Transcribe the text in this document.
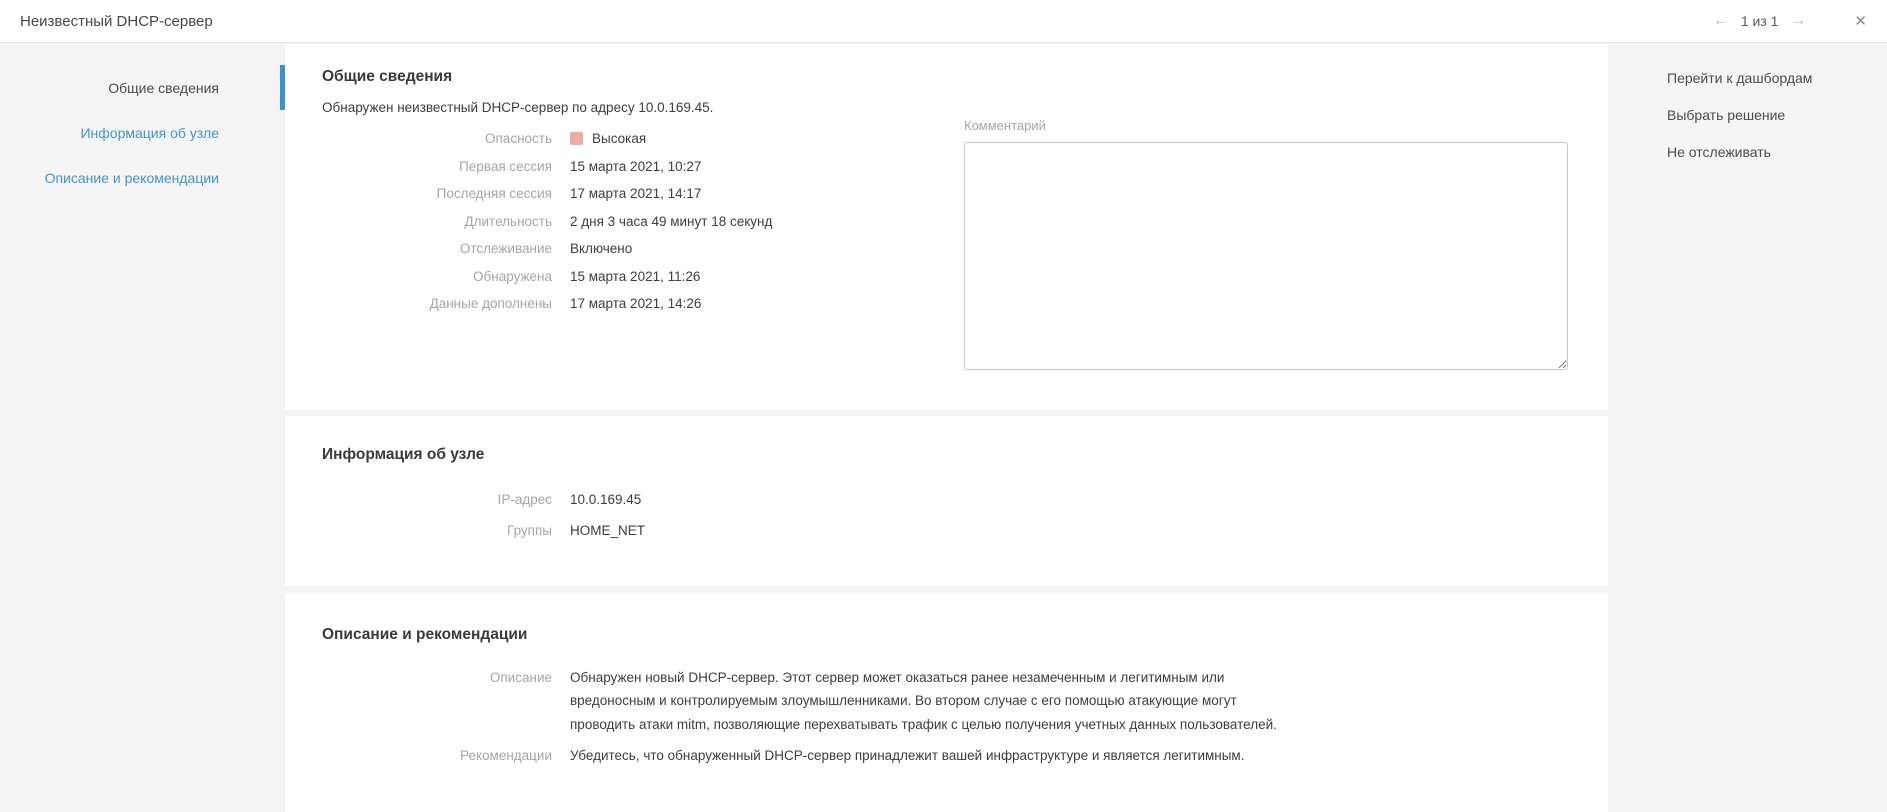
Неизвестный DHCP-сервер	← 1 из 1 →	✕
Общие сведения
Информация об узле
Описание и рекомендации
Общие сведения
Обнаружен неизвестный DHCP-сервер по адресу 10.0.169.45.
Опасность	Высокая
Первая сессия 15 марта 2021, 10:27
Последняя сессия 17 марта 2021, 14:17
Длительность 2 дня 3 часа 49 минут 18 секунд
Отслеживание Включено
Обнаружена 15 марта 2021, 11:26
Данные дополнены 17 марта 2021, 14:26
Комментарий
Информация об узле
IP-адрес 10.0.169.45
Группы HOME_NET
Описание и рекомендации
Описание Обнаружен новый DHCP-сервер. Этот сервер может оказаться ранее незамеченным и легитимным или вредоносным и контролируемым злоумышленниками. Во втором случае с его помощью атакующие могут проводить атаки mitm, позволяющие перехватывать трафик с целью получения учетных данных пользователей.
Рекомендации Убедитесь, что обнаруженный DHCP-сервер принадлежит вашей инфраструктуре и является легитимным.
Перейти к дашбордам
Выбрать решение
Не отслеживать
